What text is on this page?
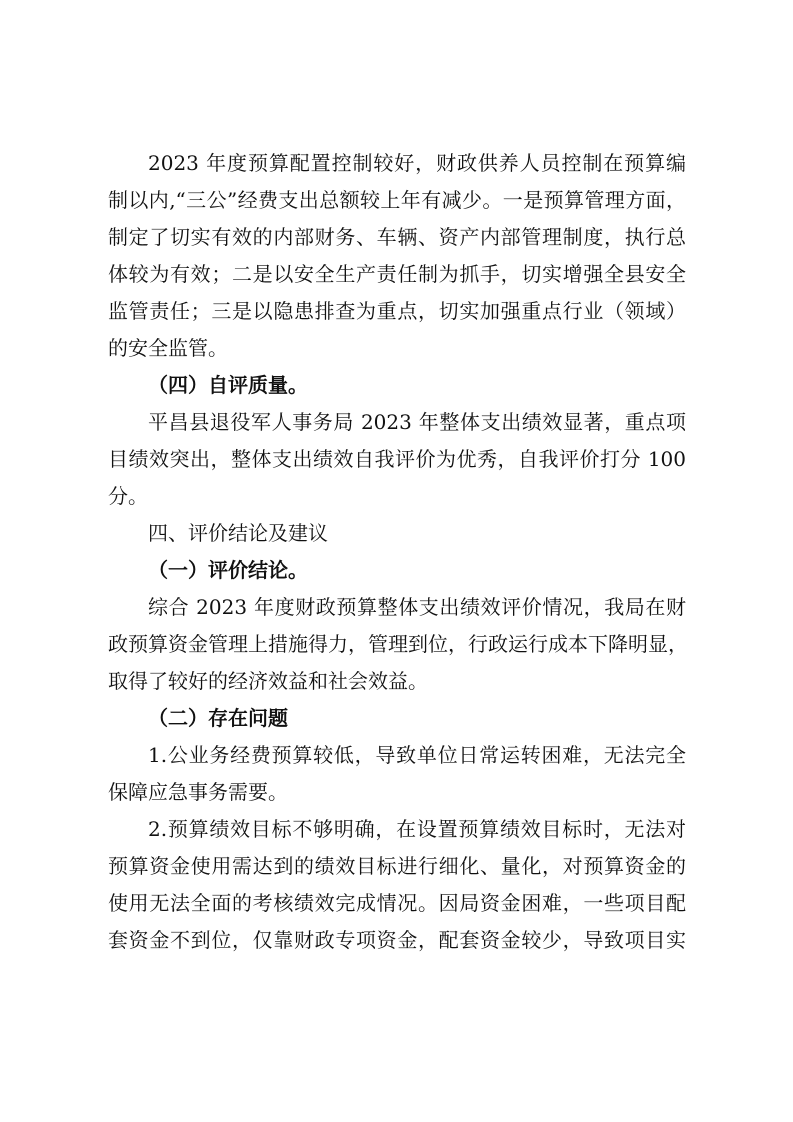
2023 年度预算配置控制较好，财政供养人员控制在预算编

制以内,“三公”经费支出总额较上年有减少。一是预算管理方面，

制定了切实有效的内部财务、车辆、资产内部管理制度，执行总

体较为有效；二是以安全生产责任制为抓手，切实增强全县安全

监管责任；三是以隐患排查为重点，切实加强重点行业（领域）

的安全监管。

（四）自评质量。

平昌县退役军人事务局 2023 年整体支出绩效显著，重点项

目绩效突出，整体支出绩效自我评价为优秀，自我评价打分 100

分。

四、评价结论及建议

（一）评价结论。

综合 2023 年度财政预算整体支出绩效评价情况，我局在财

政预算资金管理上措施得力，管理到位，行政运行成本下降明显，

取得了较好的经济效益和社会效益。

（二）存在问题

1.公业务经费预算较低，导致单位日常运转困难，无法完全

保障应急事务需要。

2.预算绩效目标不够明确，在设置预算绩效目标时，无法对

预算资金使用需达到的绩效目标进行细化、量化，对预算资金的

使用无法全面的考核绩效完成情况。因局资金困难，一些项目配

套资金不到位，仅靠财政专项资金，配套资金较少，导致项目实
